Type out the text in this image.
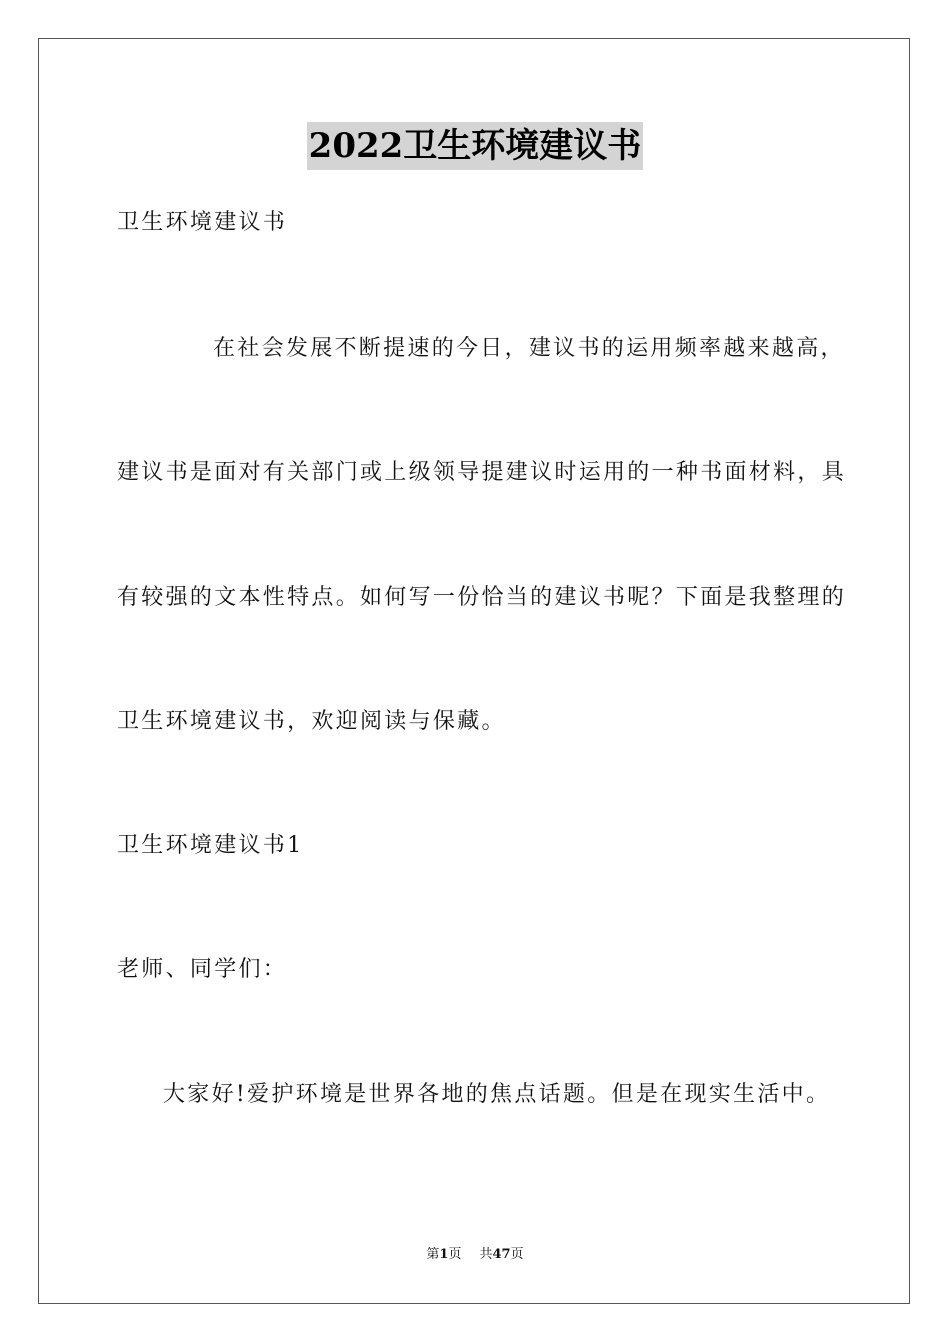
2022卫生环境建议书
卫生环境建议书
在社会发展不断提速的今日，建议书的运用频率越来越高，
建议书是面对有关部门或上级领导提建议时运用的一种书面材料，具
有较强的文本性特点。如何写一份恰当的建议书呢？下面是我整理的
卫生环境建议书，欢迎阅读与保藏。
卫生环境建议书1
老师、同学们：
大家好!爱护环境是世界各地的焦点话题。但是在现实生活中。
第1页 共47页
